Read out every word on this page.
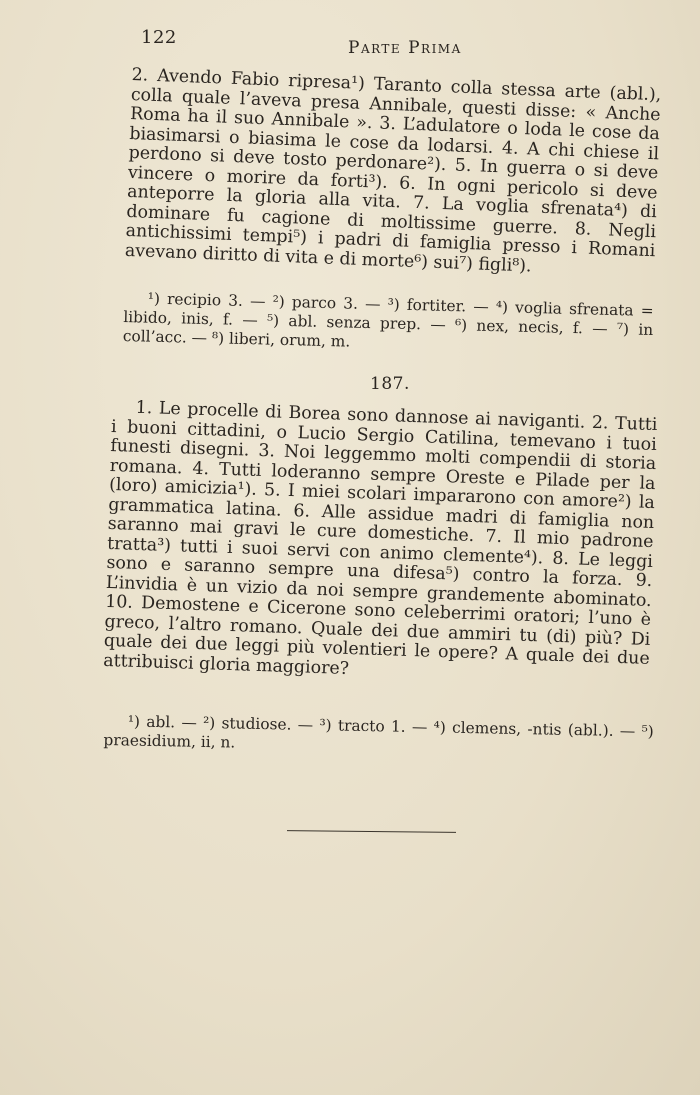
122	Parte Prima

2. Avendo Fabio ripresa¹) Taranto colla stessa arte (abl.), colla quale l’aveva presa Annibale, questi disse: « Anche Roma ha il suo Annibale ». 3. L’adulatore o loda le cose da biasimarsi o biasima le cose da lodarsi. 4. A chi chiese il perdono si deve tosto perdonare²). 5. In guerra o si deve vincere o morire da forti³). 6. In ogni pericolo si deve anteporre la gloria alla vita. 7. La voglia sfrenata⁴) di dominare fu cagione di moltissime guerre. 8. Negli antichissimi tempi⁵) i padri di famiglia presso i Romani avevano diritto di vita e di morte⁶) sui⁷) figli⁸).

¹) recipio 3. — ²) parco 3. — ³) fortiter. — ⁴) voglia sfrenata = libido, inis, f. — ⁵) abl. senza prep. — ⁶) nex, necis, f. — ⁷) in coll’acc. — ⁸) liberi, orum, m.

187.

1. Le procelle di Borea sono dannose ai naviganti. 2. Tutti i buoni cittadini, o Lucio Sergio Catilina, temevano i tuoi funesti disegni. 3. Noi leggemmo molti compendii di storia romana. 4. Tutti loderanno sempre Oreste e Pilade per la (loro) amicizia¹). 5. I miei scolari impararono con amore²) la grammatica latina. 6. Alle assidue madri di famiglia non saranno mai gravi le cure domestiche. 7. Il mio padrone tratta³) tutti i suoi servi con animo clemente⁴). 8. Le leggi sono e saranno sempre una difesa⁵) contro la forza. 9. L’invidia è un vizio da noi sempre grandemente abominato. 10. Demostene e Cicerone sono celeberrimi oratori; l’uno è greco, l’altro romano. Quale dei due ammiri tu (di) più? Di quale dei due leggi più volentieri le opere? A quale dei due attribuisci gloria maggiore?

¹) abl. — ²) studiose. — ³) tracto 1. — ⁴) clemens, -ntis (abl.). — ⁵) praesidium, ii, n.
